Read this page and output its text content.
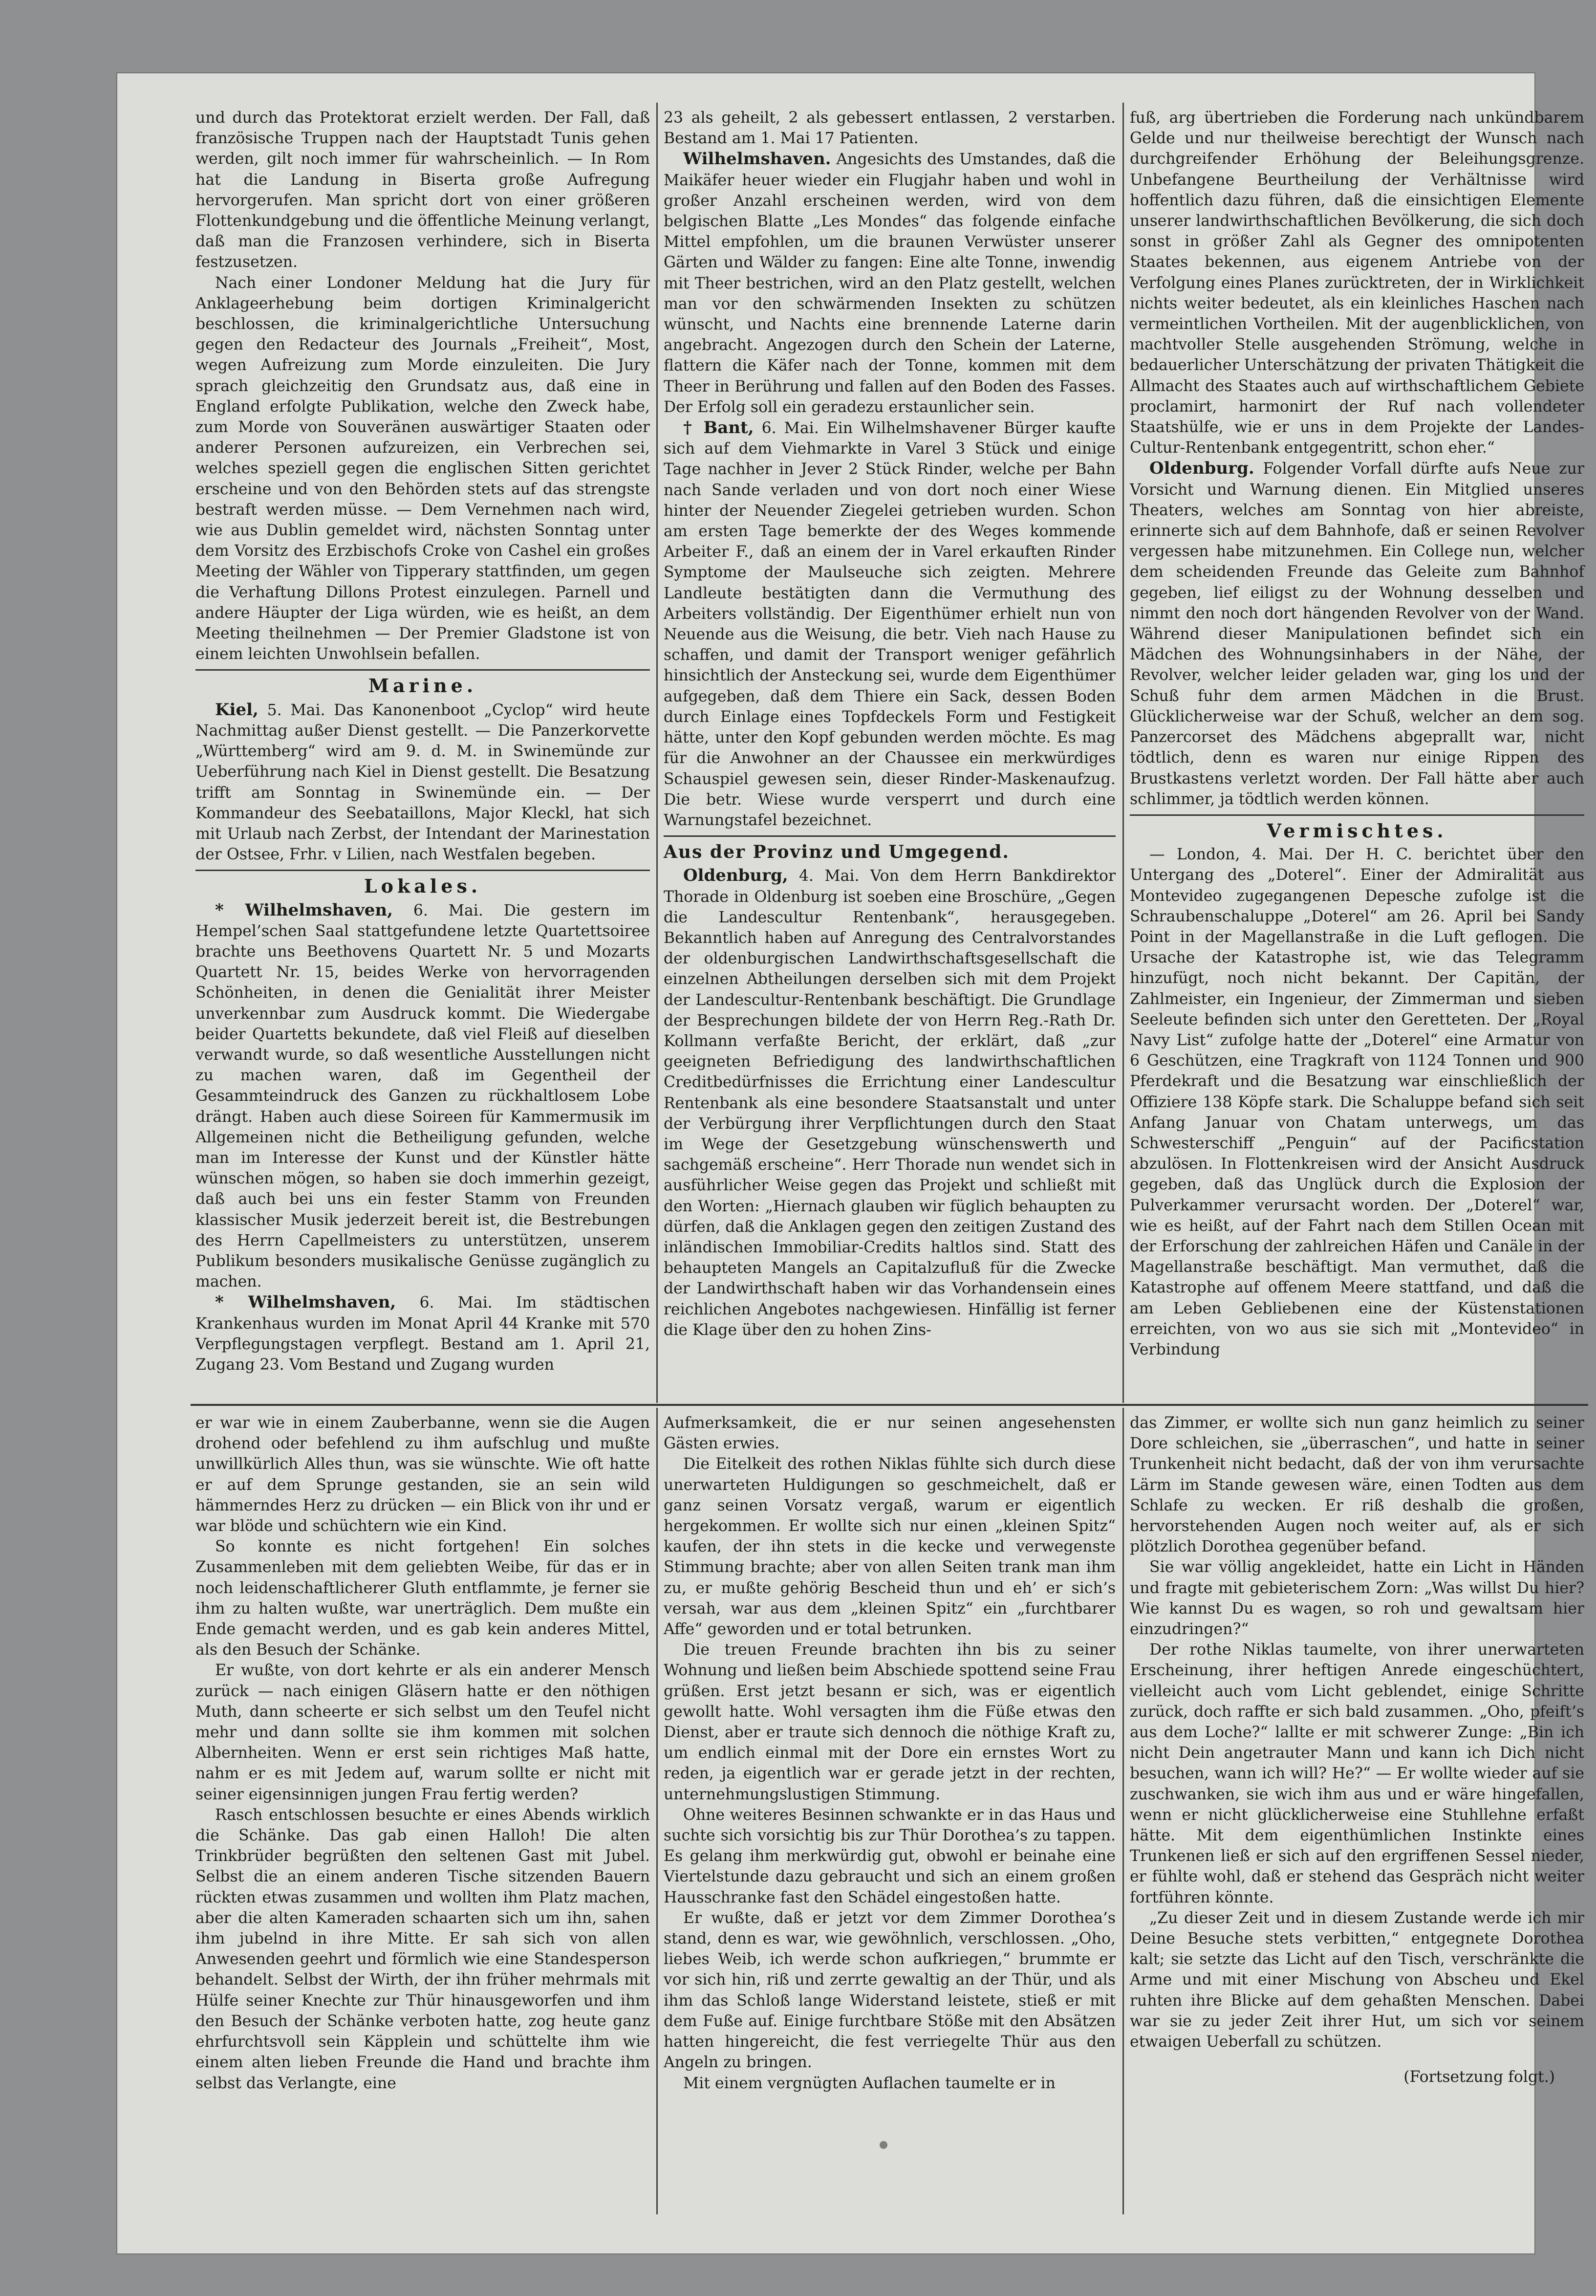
und durch das Protektorat erzielt werden. Der Fall, daß französische Truppen nach der Hauptstadt Tunis gehen werden, gilt noch immer für wahrscheinlich. — In Rom hat die Landung in Biserta große Aufregung hervorgerufen. Man spricht dort von einer größeren Flottenkundgebung und die öffentliche Meinung verlangt, daß man die Franzosen verhindere, sich in Biserta festzusetzen.

Nach einer Londoner Meldung hat die Jury für Anklageerhebung beim dortigen Kriminalgericht beschlossen, die kriminalgerichtliche Untersuchung gegen den Redacteur des Journals „Freiheit“, Most, wegen Aufreizung zum Morde einzuleiten. Die Jury sprach gleichzeitig den Grundsatz aus, daß eine in England erfolgte Publikation, welche den Zweck habe, zum Morde von Souveränen auswärtiger Staaten oder anderer Personen aufzureizen, ein Verbrechen sei, welches speziell gegen die englischen Sitten gerichtet erscheine und von den Behörden stets auf das strengste bestraft werden müsse. — Dem Vernehmen nach wird, wie aus Dublin gemeldet wird, nächsten Sonntag unter dem Vorsitz des Erzbischofs Croke von Cashel ein großes Meeting der Wähler von Tipperary stattfinden, um gegen die Verhaftung Dillons Protest einzulegen. Parnell und andere Häupter der Liga würden, wie es heißt, an dem Meeting theilnehmen — Der Premier Gladstone ist von einem leichten Unwohlsein befallen.

Marine.

Kiel, 5. Mai. Das Kanonenboot „Cyclop“ wird heute Nachmittag außer Dienst gestellt. — Die Panzerkorvette „Württemberg“ wird am 9. d. M. in Swinemünde zur Ueberführung nach Kiel in Dienst gestellt. Die Besatzung trifft am Sonntag in Swinemünde ein. — Der Kommandeur des Seebataillons, Major Kleckl, hat sich mit Urlaub nach Zerbst, der Intendant der Marinestation der Ostsee, Frhr. v Lilien, nach Westfalen begeben.

Lokales.

* Wilhelmshaven, 6. Mai. Die gestern im Hempel’schen Saal stattgefundene letzte Quartettsoiree brachte uns Beethovens Quartett Nr. 5 und Mozarts Quartett Nr. 15, beides Werke von hervorragenden Schönheiten, in denen die Genialität ihrer Meister unverkennbar zum Ausdruck kommt. Die Wiedergabe beider Quartetts bekundete, daß viel Fleiß auf dieselben verwandt wurde, so daß wesentliche Ausstellungen nicht zu machen waren, daß im Gegentheil der Gesammteindruck des Ganzen zu rückhaltlosem Lobe drängt. Haben auch diese Soireen für Kammermusik im Allgemeinen nicht die Betheiligung gefunden, welche man im Interesse der Kunst und der Künstler hätte wünschen mögen, so haben sie doch immerhin gezeigt, daß auch bei uns ein fester Stamm von Freunden klassischer Musik jederzeit bereit ist, die Bestrebungen des Herrn Capellmeisters zu unterstützen, unserem Publikum besonders musikalische Genüsse zugänglich zu machen.

* Wilhelmshaven, 6. Mai. Im städtischen Krankenhaus wurden im Monat April 44 Kranke mit 570 Verpflegungstagen verpflegt. Bestand am 1. April 21, Zugang 23. Vom Bestand und Zugang wurden

23 als geheilt, 2 als gebessert entlassen, 2 verstarben. Bestand am 1. Mai 17 Patienten.

Wilhelmshaven. Angesichts des Umstandes, daß die Maikäfer heuer wieder ein Flugjahr haben und wohl in großer Anzahl erscheinen werden, wird von dem belgischen Blatte „Les Mondes“ das folgende einfache Mittel empfohlen, um die braunen Verwüster unserer Gärten und Wälder zu fangen: Eine alte Tonne, inwendig mit Theer bestrichen, wird an den Platz gestellt, welchen man vor den schwärmenden Insekten zu schützen wünscht, und Nachts eine brennende Laterne darin angebracht. Angezogen durch den Schein der Laterne, flattern die Käfer nach der Tonne, kommen mit dem Theer in Berührung und fallen auf den Boden des Fasses. Der Erfolg soll ein geradezu erstaunlicher sein.

† Bant, 6. Mai. Ein Wilhelmshavener Bürger kaufte sich auf dem Viehmarkte in Varel 3 Stück und einige Tage nachher in Jever 2 Stück Rinder, welche per Bahn nach Sande verladen und von dort noch einer Wiese hinter der Neuender Ziegelei getrieben wurden. Schon am ersten Tage bemerkte der des Weges kommende Arbeiter F., daß an einem der in Varel erkauften Rinder Symptome der Maulseuche sich zeigten. Mehrere Landleute bestätigten dann die Vermuthung des Arbeiters vollständig. Der Eigenthümer erhielt nun von Neuende aus die Weisung, die betr. Vieh nach Hause zu schaffen, und damit der Transport weniger gefährlich hinsichtlich der Ansteckung sei, wurde dem Eigenthümer aufgegeben, daß dem Thiere ein Sack, dessen Boden durch Einlage eines Topfdeckels Form und Festigkeit hätte, unter den Kopf gebunden werden möchte. Es mag für die Anwohner an der Chaussee ein merkwürdiges Schauspiel gewesen sein, dieser Rinder-Maskenaufzug. Die betr. Wiese wurde versperrt und durch eine Warnungstafel bezeichnet.

Aus der Provinz und Umgegend.

Oldenburg, 4. Mai. Von dem Herrn Bankdirektor Thorade in Oldenburg ist soeben eine Broschüre, „Gegen die Landescultur Rentenbank“, herausgegeben. Bekanntlich haben auf Anregung des Centralvorstandes der oldenburgischen Landwirthschaftsgesellschaft die einzelnen Abtheilungen derselben sich mit dem Projekt der Landescultur-Rentenbank beschäftigt. Die Grundlage der Besprechungen bildete der von Herrn Reg.-Rath Dr. Kollmann verfaßte Bericht, der erklärt, daß „zur geeigneten Befriedigung des landwirthschaftlichen Creditbedürfnisses die Errichtung einer Landescultur Rentenbank als eine besondere Staatsanstalt und unter der Verbürgung ihrer Verpflichtungen durch den Staat im Wege der Gesetzgebung wünschenswerth und sachgemäß erscheine“. Herr Thorade nun wendet sich in ausführlicher Weise gegen das Projekt und schließt mit den Worten: „Hiernach glauben wir füglich behaupten zu dürfen, daß die Anklagen gegen den zeitigen Zustand des inländischen Immobiliar-Credits haltlos sind. Statt des behaupteten Mangels an Capitalzufluß für die Zwecke der Landwirthschaft haben wir das Vorhandensein eines reichlichen Angebotes nachgewiesen. Hinfällig ist ferner die Klage über den zu hohen Zins-

fuß, arg übertrieben die Forderung nach unkündbarem Gelde und nur theilweise berechtigt der Wunsch nach durchgreifender Erhöhung der Beleihungsgrenze. Unbefangene Beurtheilung der Verhältnisse wird hoffentlich dazu führen, daß die einsichtigen Elemente unserer landwirthschaftlichen Bevölkerung, die sich doch sonst in größer Zahl als Gegner des omnipotenten Staates bekennen, aus eigenem Antriebe von der Verfolgung eines Planes zurücktreten, der in Wirklichkeit nichts weiter bedeutet, als ein kleinliches Haschen nach vermeintlichen Vortheilen. Mit der augenblicklichen, von machtvoller Stelle ausgehenden Strömung, welche in bedauerlicher Unterschätzung der privaten Thätigkeit die Allmacht des Staates auch auf wirthschaftlichem Gebiete proclamirt, harmonirt der Ruf nach vollendeter Staatshülfe, wie er uns in dem Projekte der Landes-Cultur-Rentenbank entgegentritt, schon eher.“

Oldenburg. Folgender Vorfall dürfte aufs Neue zur Vorsicht und Warnung dienen. Ein Mitglied unseres Theaters, welches am Sonntag von hier abreiste, erinnerte sich auf dem Bahnhofe, daß er seinen Revolver vergessen habe mitzunehmen. Ein College nun, welcher dem scheidenden Freunde das Geleite zum Bahnhof gegeben, lief eiligst zu der Wohnung desselben und nimmt den noch dort hängenden Revolver von der Wand. Während dieser Manipulationen befindet sich ein Mädchen des Wohnungsinhabers in der Nähe, der Revolver, welcher leider geladen war, ging los und der Schuß fuhr dem armen Mädchen in die Brust. Glücklicherweise war der Schuß, welcher an dem sog. Panzercorset des Mädchens abgeprallt war, nicht tödtlich, denn es waren nur einige Rippen des Brustkastens verletzt worden. Der Fall hätte aber auch schlimmer, ja tödtlich werden können.

Vermischtes.

— London, 4. Mai. Der H. C. berichtet über den Untergang des „Doterel“. Einer der Admiralität aus Montevideo zugegangenen Depesche zufolge ist die Schraubenschaluppe „Doterel“ am 26. April bei Sandy Point in der Magellanstraße in die Luft geflogen. Die Ursache der Katastrophe ist, wie das Telegramm hinzufügt, noch nicht bekannt. Der Capitän, der Zahlmeister, ein Ingenieur, der Zimmerman und sieben Seeleute befinden sich unter den Geretteten. Der „Royal Navy List“ zufolge hatte der „Doterel“ eine Armatur von 6 Geschützen, eine Tragkraft von 1124 Tonnen und 900 Pferdekraft und die Besatzung war einschließlich der Offiziere 138 Köpfe stark. Die Schaluppe befand sich seit Anfang Januar von Chatam unterwegs, um das Schwesterschiff „Penguin“ auf der Pacificstation abzulösen. In Flottenkreisen wird der Ansicht Ausdruck gegeben, daß das Unglück durch die Explosion der Pulverkammer verursacht worden. Der „Doterel“ war, wie es heißt, auf der Fahrt nach dem Stillen Ocean mit der Erforschung der zahlreichen Häfen und Canäle in der Magellanstraße beschäftigt. Man vermuthet, daß die Katastrophe auf offenem Meere stattfand, und daß die am Leben Gebliebenen eine der Küstenstationen erreichten, von wo aus sie sich mit „Montevideo“ in Verbindung

er war wie in einem Zauberbanne, wenn sie die Augen drohend oder befehlend zu ihm aufschlug und mußte unwillkürlich Alles thun, was sie wünschte. Wie oft hatte er auf dem Sprunge gestanden, sie an sein wild hämmerndes Herz zu drücken — ein Blick von ihr und er war blöde und schüchtern wie ein Kind.

So konnte es nicht fortgehen! Ein solches Zusammenleben mit dem geliebten Weibe, für das er in noch leidenschaftlicherer Gluth entflammte, je ferner sie ihm zu halten wußte, war unerträglich. Dem mußte ein Ende gemacht werden, und es gab kein anderes Mittel, als den Besuch der Schänke.

Er wußte, von dort kehrte er als ein anderer Mensch zurück — nach einigen Gläsern hatte er den nöthigen Muth, dann scheerte er sich selbst um den Teufel nicht mehr und dann sollte sie ihm kommen mit solchen Albernheiten. Wenn er erst sein richtiges Maß hatte, nahm er es mit Jedem auf, warum sollte er nicht mit seiner eigensinnigen jungen Frau fertig werden?

Rasch entschlossen besuchte er eines Abends wirklich die Schänke. Das gab einen Halloh! Die alten Trinkbrüder begrüßten den seltenen Gast mit Jubel. Selbst die an einem anderen Tische sitzenden Bauern rückten etwas zusammen und wollten ihm Platz machen, aber die alten Kameraden schaarten sich um ihn, sahen ihm jubelnd in ihre Mitte. Er sah sich von allen Anwesenden geehrt und förmlich wie eine Standesperson behandelt. Selbst der Wirth, der ihn früher mehrmals mit Hülfe seiner Knechte zur Thür hinausgeworfen und ihm den Besuch der Schänke verboten hatte, zog heute ganz ehrfurchtsvoll sein Käpplein und schüttelte ihm wie einem alten lieben Freunde die Hand und brachte ihm selbst das Verlangte, eine

Aufmerksamkeit, die er nur seinen angesehensten Gästen erwies.

Die Eitelkeit des rothen Niklas fühlte sich durch diese unerwarteten Huldigungen so geschmeichelt, daß er ganz seinen Vorsatz vergaß, warum er eigentlich hergekommen. Er wollte sich nur einen „kleinen Spitz“ kaufen, der ihn stets in die kecke und verwegenste Stimmung brachte; aber von allen Seiten trank man ihm zu, er mußte gehörig Bescheid thun und eh’ er sich’s versah, war aus dem „kleinen Spitz“ ein „furchtbarer Affe“ geworden und er total betrunken.

Die treuen Freunde brachten ihn bis zu seiner Wohnung und ließen beim Abschiede spottend seine Frau grüßen. Erst jetzt besann er sich, was er eigentlich gewollt hatte. Wohl versagten ihm die Füße etwas den Dienst, aber er traute sich dennoch die nöthige Kraft zu, um endlich einmal mit der Dore ein ernstes Wort zu reden, ja eigentlich war er gerade jetzt in der rechten, unternehmungslustigen Stimmung.

Ohne weiteres Besinnen schwankte er in das Haus und suchte sich vorsichtig bis zur Thür Dorothea’s zu tappen. Es gelang ihm merkwürdig gut, obwohl er beinahe eine Viertelstunde dazu gebraucht und sich an einem großen Hausschranke fast den Schädel eingestoßen hatte.

Er wußte, daß er jetzt vor dem Zimmer Dorothea’s stand, denn es war, wie gewöhnlich, verschlossen. „Oho, liebes Weib, ich werde schon aufkriegen,“ brummte er vor sich hin, riß und zerrte gewaltig an der Thür, und als ihm das Schloß lange Widerstand leistete, stieß er mit dem Fuße auf. Einige furchtbare Stöße mit den Absätzen hatten hingereicht, die fest verriegelte Thür aus den Angeln zu bringen.

Mit einem vergnügten Auflachen taumelte er in

das Zimmer, er wollte sich nun ganz heimlich zu seiner Dore schleichen, sie „überraschen“, und hatte in seiner Trunkenheit nicht bedacht, daß der von ihm verursachte Lärm im Stande gewesen wäre, einen Todten aus dem Schlafe zu wecken. Er riß deshalb die großen, hervorstehenden Augen noch weiter auf, als er sich plötzlich Dorothea gegenüber befand.

Sie war völlig angekleidet, hatte ein Licht in Händen und fragte mit gebieterischem Zorn: „Was willst Du hier? Wie kannst Du es wagen, so roh und gewaltsam hier einzudringen?“

Der rothe Niklas taumelte, von ihrer unerwarteten Erscheinung, ihrer heftigen Anrede eingeschüchtert, vielleicht auch vom Licht geblendet, einige Schritte zurück, doch raffte er sich bald zusammen. „Oho, pfeift’s aus dem Loche?“ lallte er mit schwerer Zunge: „Bin ich nicht Dein angetrauter Mann und kann ich Dich nicht besuchen, wann ich will? He?“ — Er wollte wieder auf sie zuschwanken, sie wich ihm aus und er wäre hingefallen, wenn er nicht glücklicherweise eine Stuhllehne erfaßt hätte. Mit dem eigenthümlichen Instinkte eines Trunkenen ließ er sich auf den ergriffenen Sessel nieder, er fühlte wohl, daß er stehend das Gespräch nicht weiter fortführen könnte.

„Zu dieser Zeit und in diesem Zustande werde ich mir Deine Besuche stets verbitten,“ entgegnete Dorothea kalt; sie setzte das Licht auf den Tisch, verschränkte die Arme und mit einer Mischung von Abscheu und Ekel ruhten ihre Blicke auf dem gehaßten Menschen. Dabei war sie zu jeder Zeit ihrer Hut, um sich vor seinem etwaigen Ueberfall zu schützen.

(Fortsetzung folgt.)
